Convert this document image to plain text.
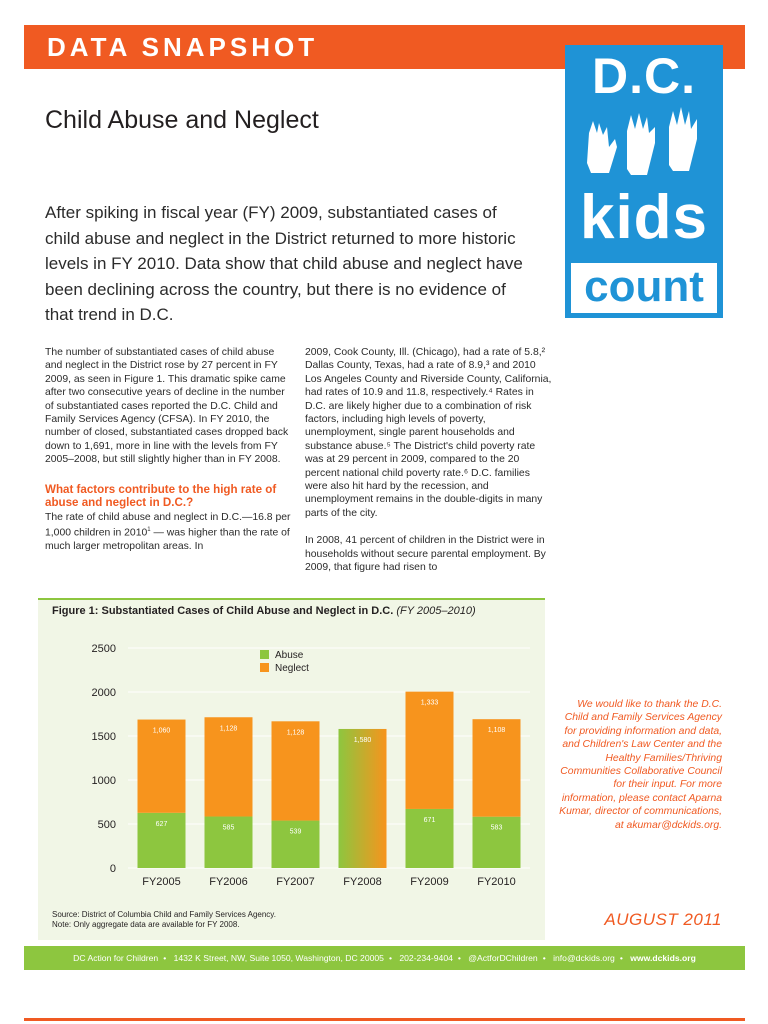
DATA SNAPSHOT
D.C.
kids
count
Child Abuse and Neglect
After spiking in fiscal year (FY) 2009, substantiated cases of child abuse and neglect in the District returned to more historic levels in FY 2010. Data show that child abuse and neglect have been declining across the country, but there is no evidence of that trend in D.C.

The number of substantiated cases of child abuse and neglect in the District rose by 27 percent in FY 2009, as seen in Figure 1. This dramatic spike came after two consecutive years of decline in the number of substantiated cases reported the D.C. Child and Family Services Agency (CFSA). In FY 2010, the number of closed, substantiated cases dropped back down to 1,691, more in line with the levels from FY 2005–2008, but still slightly higher than in FY 2008.

What factors contribute to the high rate of abuse and neglect in D.C.?

The rate of child abuse and neglect in D.C.—16.8 per 1,000 children in 2010$^1$ — was higher than the rate of much larger metropolitan areas. In

2009, Cook County, Ill. (Chicago), had a rate of 5.8,² Dallas County, Texas, had a rate of 8.9,³ and 2010 Los Angeles County and Riverside County, California, had rates of 10.9 and 11.8, respectively.⁴ Rates in D.C. are likely higher due to a combination of risk factors, including high levels of poverty, unemployment, single parent households and substance abuse.⁵ The District's child poverty rate was at 29 percent in 2009, compared to the 20 percent national child poverty rate.⁶ D.C. families were also hit hard by the recession, and unemployment remains in the double-digits in many parts of the city.

In 2008, 41 percent of children in the District were in households without secure parental employment. By 2009, that figure had risen to

Figure 1: Substantiated Cases of Child Abuse and Neglect in D.C. (FY 2005–2010)
0
500
1000
1500
2000
2500
627
1,060
FY2005
585
1,128
FY2006
539
1,128
FY2007
1,580
FY2008
671
1,333
FY2009
583
1,108
FY2010
Abuse
Neglect
Source: District of Columbia Child and Family Services Agency.
Note: Only aggregate data are available for FY 2008.
We would like to thank the D.C. Child and Family Services Agency for providing information and data, and Children's Law Center and the Healthy Families/Thriving Communities Collaborative Council for their input. For more information, please contact Aparna Kumar, director of communications, at akumar@dckids.org.
AUGUST 2011
DC Action for Children • 1432 K Street, NW, Suite 1050, Washington, DC 20005 • 202-234-9404 • @ActforDChildren • info@dckids.org • www.dckids.org
